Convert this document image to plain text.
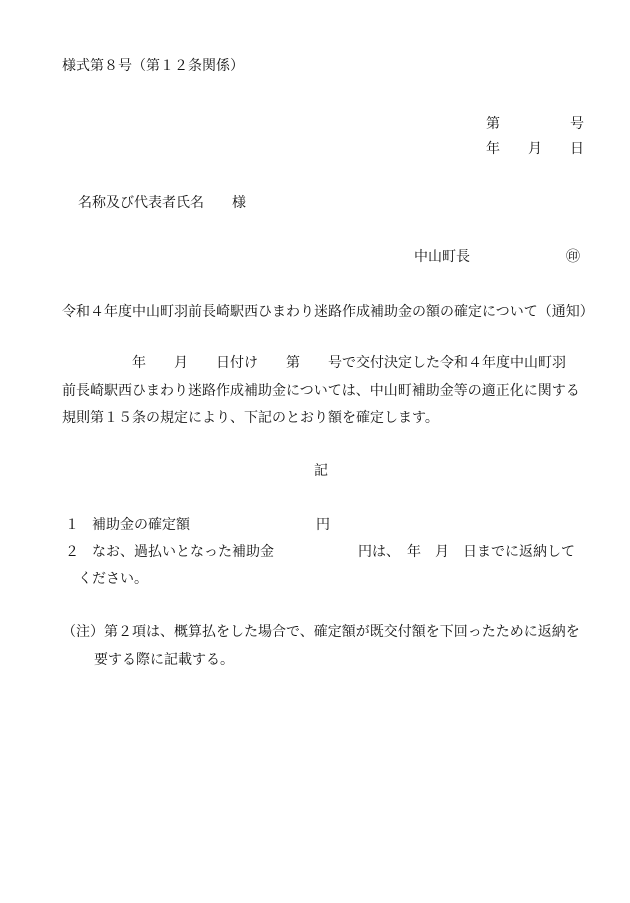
様式第８号（第１２条関係）
第　　　　　号
年　　月　　日
名称及び代表者氏名　　様
中山町長	㊞
令和４年度中山町羽前長崎駅西ひまわり迷路作成補助金の額の確定について（通知）
　　　　　年　　月　　日付け　　第　　号で交付決定した令和４年度中山町羽
前長崎駅西ひまわり迷路作成補助金については、中山町補助金等の適正化に関する
規則第１５条の規定により、下記のとおり額を確定します。
記
１ 補助金の確定額	円
２ なお、過払いとなった補助金	円は、　年　月　日までに返納して
ください。
（注）第２項は、概算払をした場合で、確定額が既交付額を下回ったために返納を
要する際に記載する。
